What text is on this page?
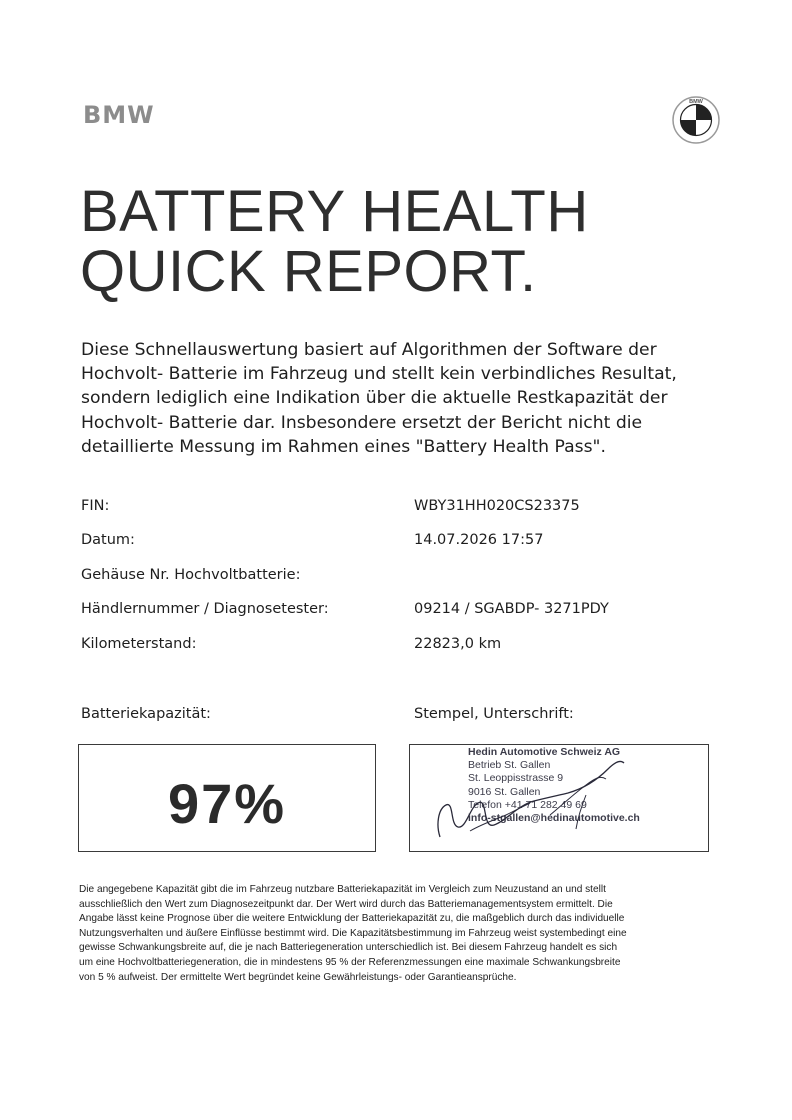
BMW	BMW
BATTERY HEALTH
QUICK REPORT.
Diese Schnellauswertung basiert auf Algorithmen der Software der
Hochvolt- Batterie im Fahrzeug und stellt kein verbindliches Resultat,
sondern lediglich eine Indikation über die aktuelle Restkapazität der
Hochvolt- Batterie dar. Insbesondere ersetzt der Bericht nicht die
detaillierte Messung im Rahmen eines "Battery Health Pass".
FIN:	WBY31HH020CS23375
Datum:	14.07.2026 17:57
Gehäuse Nr. Hochvoltbatterie:
Händlernummer / Diagnosetester:	09214 / SGABDP- 3271PDY
Kilometerstand:	22823,0 km
Batteriekapazität:	Stempel, Unterschrift:
97%
Hedin Automotive Schweiz AG
Betrieb St. Gallen
St. Leoppisstrasse 9
9016 St. Gallen
Telefon +41 71 282 49 69
info-stgallen@hedinautomotive.ch
Die angegebene Kapazität gibt die im Fahrzeug nutzbare Batteriekapazität im Vergleich zum Neuzustand an und stellt
ausschließlich den Wert zum Diagnosezeitpunkt dar. Der Wert wird durch das Batteriemanagementsystem ermittelt. Die
Angabe lässt keine Prognose über die weitere Entwicklung der Batteriekapazität zu, die maßgeblich durch das individuelle
Nutzungsverhalten und äußere Einflüsse bestimmt wird. Die Kapazitätsbestimmung im Fahrzeug weist systembedingt eine
gewisse Schwankungsbreite auf, die je nach Batteriegeneration unterschiedlich ist. Bei diesem Fahrzeug handelt es sich
um eine Hochvoltbatteriegeneration, die in mindestens 95 % der Referenzmessungen eine maximale Schwankungsbreite
von 5 % aufweist. Der ermittelte Wert begründet keine Gewährleistungs- oder Garantieansprüche.
